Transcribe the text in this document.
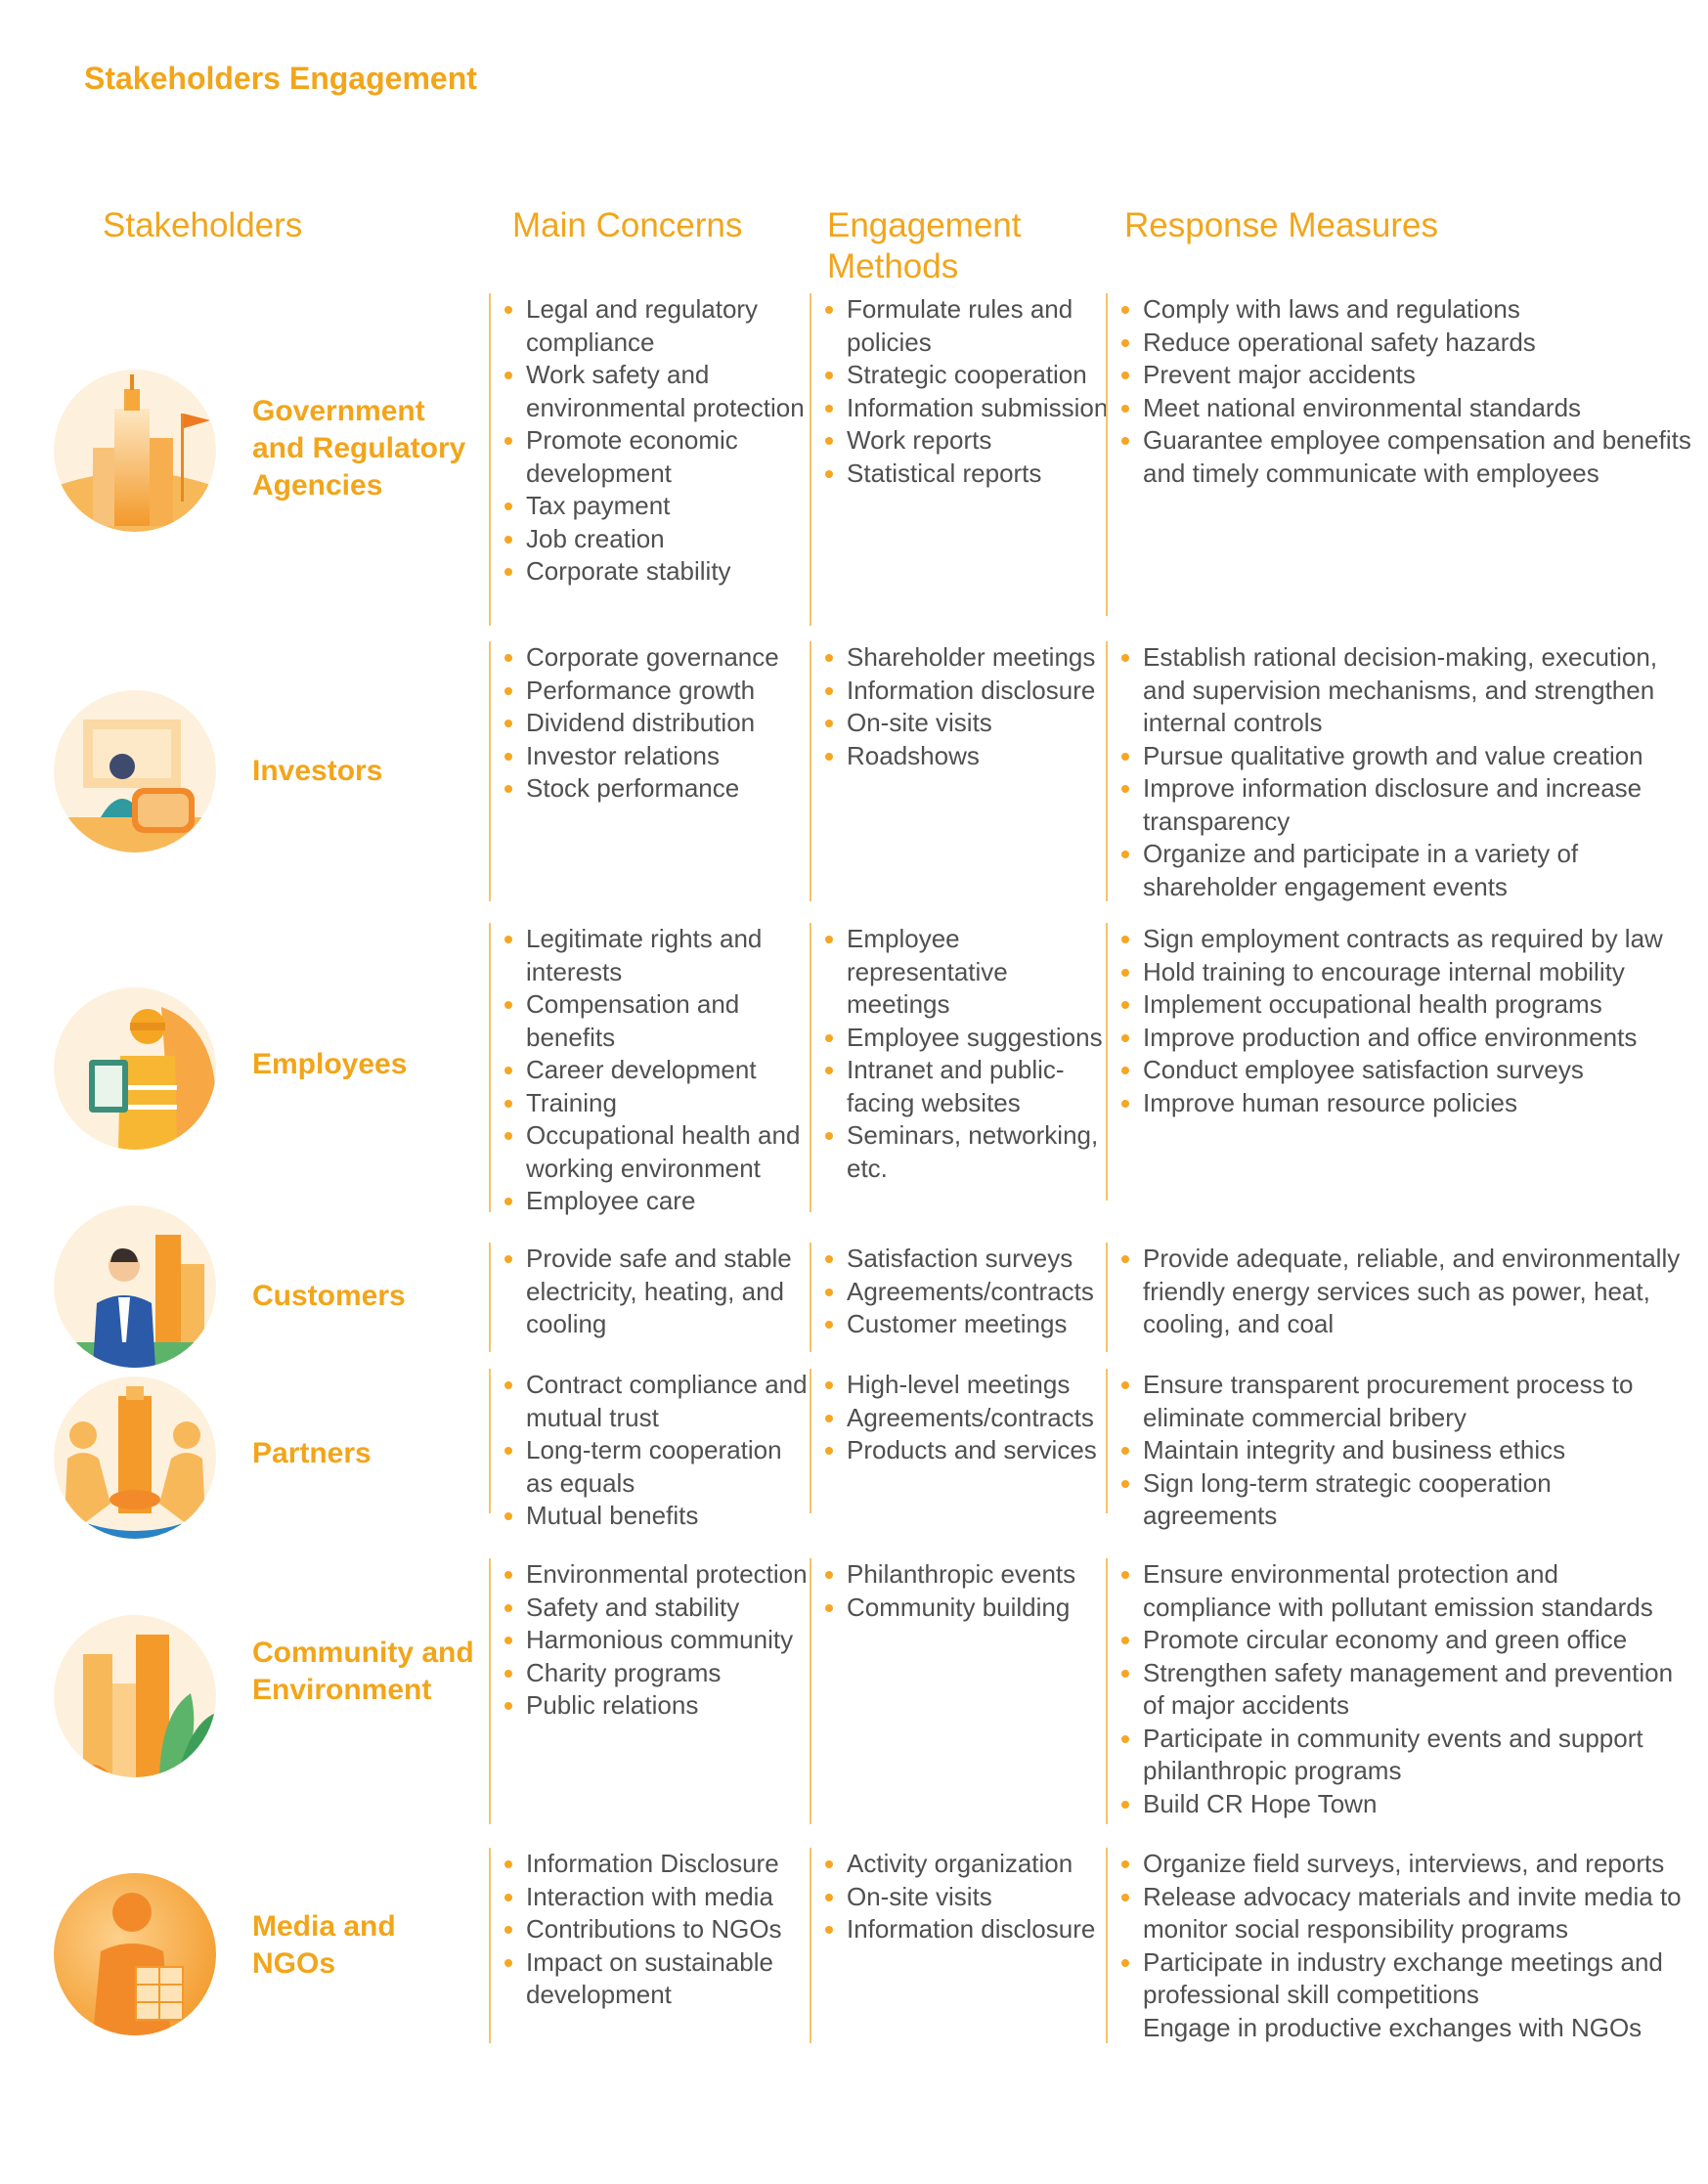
Stakeholders Engagement
Stakeholders	Main Concerns Engagement Methods
Response Measures
Government and Regulatory Agencies
Legal and regulatory compliance
Work safety and environmental protection
Promote economic development
Tax payment
Job creation
Corporate stability
Formulate rules and policies
Strategic cooperation
Information submission
Work reports
Statistical reports
Comply with laws and regulations
Reduce operational safety hazards
Prevent major accidents
Meet national environmental standards
Guarantee employee compensation and benefits and timely communicate with employees
Investors
Corporate governance
Performance growth
Dividend distribution
Investor relations
Stock performance
Shareholder meetings
Information disclosure
On-site visits
Roadshows
Establish rational decision-making, execution, and supervision mechanisms, and strengthen internal controls
Pursue qualitative growth and value creation
Improve information disclosure and increase transparency
Organize and participate in a variety of shareholder engagement events
Employees
Legitimate rights and interests
Compensation and benefits
Career development
Training
Occupational health and working environment
Employee care
Employee representative meetings
Employee suggestions
Intranet and public-facing websites
Seminars, networking, etc.
Sign employment contracts as required by law
Hold training to encourage internal mobility
Implement occupational health programs
Improve production and office environments
Conduct employee satisfaction surveys
Improve human resource policies
Customers
Provide safe and stable electricity, heating, and cooling
Satisfaction surveys
Agreements/contracts
Customer meetings
Provide adequate, reliable, and environmentally friendly energy services such as power, heat, cooling, and coal
Partners
Contract compliance and mutual trust
Long-term cooperation as equals
Mutual benefits
High-level meetings
Agreements/contracts
Products and services
Ensure transparent procurement process to eliminate commercial bribery
Maintain integrity and business ethics
Sign long-term strategic cooperation agreements
Community and Environment
Environmental protection
Safety and stability
Harmonious community
Charity programs
Public relations
Philanthropic events
Community building
Ensure environmental protection and compliance with pollutant emission standards
Promote circular economy and green office
Strengthen safety management and prevention of major accidents
Participate in community events and support philanthropic programs
Build CR Hope Town
Media and NGOs
Information Disclosure
Interaction with media
Contributions to NGOs
Impact on sustainable development
Activity organization
On-site visits
Information disclosure
Organize field surveys, interviews, and reports
Release advocacy materials and invite media to monitor social responsibility programs
Participate in industry exchange meetings and professional skill competitions
Engage in productive exchanges with NGOs
